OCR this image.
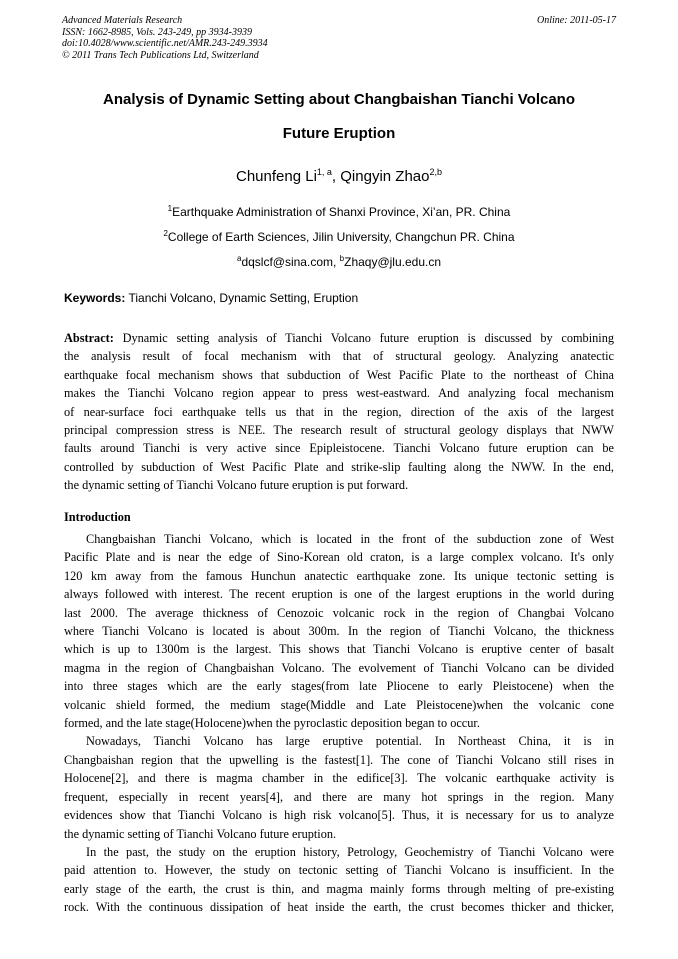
Advanced Materials Research
ISSN: 1662-8985, Vols. 243-249, pp 3934-3939
doi:10.4028/www.scientific.net/AMR.243-249.3934
© 2011 Trans Tech Publications Ltd, Switzerland
Online: 2011-05-17
Analysis of Dynamic Setting about Changbaishan Tianchi Volcano
Future Eruption
Chunfeng Li$^{1, a}$, Qingyin Zhao$^{2,b}$
$^1$Earthquake Administration of Shanxi Province, Xi’an, PR. China
$^2$College of Earth Sciences, Jilin University, Changchun PR. China
$^a$dqslcf@sina.com, $^b$Zhaqy@jlu.edu.cn
Keywords: Tianchi Volcano, Dynamic Setting, Eruption
Abstract: Dynamic setting analysis of Tianchi Volcano future eruption is discussed by combining
the analysis result of focal mechanism with that of structural geology. Analyzing anatectic
earthquake focal mechanism shows that subduction of West Pacific Plate to the northeast of China
makes the Tianchi Volcano region appear to press west-eastward. And analyzing focal mechanism
of near-surface foci earthquake tells us that in the region, direction of the axis of the largest
principal compression stress is NEE. The research result of structural geology displays that NWW
faults around Tianchi is very active since Epipleistocene. Tianchi Volcano future eruption can be
controlled by subduction of West Pacific Plate and strike-slip faulting along the NWW. In the end,
the dynamic setting of Tianchi Volcano future eruption is put forward.
Introduction
Changbaishan Tianchi Volcano, which is located in the front of the subduction zone of West
Pacific Plate and is near the edge of Sino-Korean old craton, is a large complex volcano. It's only
120 km away from the famous Hunchun anatectic earthquake zone. Its unique tectonic setting is
always followed with interest. The recent eruption is one of the largest eruptions in the world during
last 2000. The average thickness of Cenozoic volcanic rock in the region of Changbai Volcano
where Tianchi Volcano is located is about 300m. In the region of Tianchi Volcano, the thickness
which is up to 1300m is the largest. This shows that Tianchi Volcano is eruptive center of basalt
magma in the region of Changbaishan Volcano. The evolvement of Tianchi Volcano can be divided
into three stages which are the early stages(from late Pliocene to early Pleistocene) when the
volcanic shield formed, the medium stage(Middle and Late Pleistocene)when the volcanic cone
formed, and the late stage(Holocene)when the pyroclastic deposition began to occur.
Nowadays, Tianchi Volcano has large eruptive potential. In Northeast China, it is in
Changbaishan region that the upwelling is the fastest[1]. The cone of Tianchi Volcano still rises in
Holocene[2], and there is magma chamber in the edifice[3]. The volcanic earthquake activity is
frequent, especially in recent years[4], and there are many hot springs in the region. Many
evidences show that Tianchi Volcano is high risk volcano[5]. Thus, it is necessary for us to analyze
the dynamic setting of Tianchi Volcano future eruption.
In the past, the study on the eruption history, Petrology, Geochemistry of Tianchi Volcano were
paid attention to. However, the study on tectonic setting of Tianchi Volcano is insufficient. In the
early stage of the earth, the crust is thin, and magma mainly forms through melting of pre-existing
rock. With the continuous dissipation of heat inside the earth, the crust becomes thicker and thicker,
